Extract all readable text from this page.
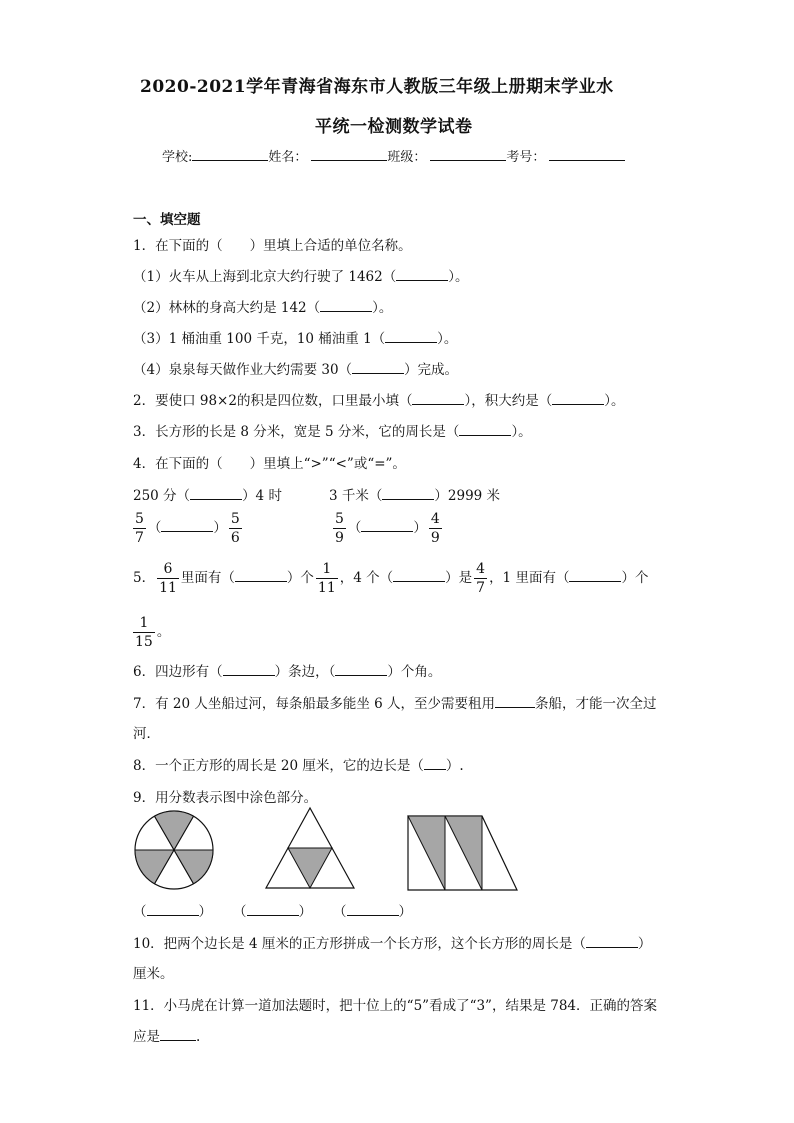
2020-2021学年青海省海东市人教版三年级上册期末学业水
平统一检测数学试卷
学校:	姓名：	班级：	考号：
一、填空题
1．在下面的（　　）里填上合适的单位名称。
（1）火车从上海到北京大约行驶了 1462（	）。
（2）林林的身高大约是 142（	）。
（3）1 桶油重 100 千克，10 桶油重 1（	）。
（4）泉泉每天做作业大约需要 30（	）完成。
2．要使口 98×2的积是四位数，口里最小填（	），积大约是（	）。
3．长方形的长是 8 分米，宽是 5 分米，它的周长是（	）。
4．在下面的（　　）里填上“>”“<”或“=”。
250 分（	）4 时	3 千米（	）2999 米
$\frac{5}{7}$ （	） $\frac{5}{6}$	$\frac{5}{9}$ （	） $\frac{4}{9}$
5． $\frac{6}{11}$ 里面有（	）个 $\frac{1}{11}$ ，4 个（	）是 $\frac{4}{7}$ ，1 里面有（	）个
$\frac{1}{15}$ 。
6．四边形有（	）条边，（	）个角。
7．有 20 人坐船过河，每条船最多能坐 6 人，至少需要租用	条船，才能一次全过
河．
8．一个正方形的周长是 20 厘米，它的边长是（ ）.
9．用分数表示图中涂色部分。
（	） （	） （	）
10．把两个边长是 4 厘米的正方形拼成一个长方形，这个长方形的周长是（	）
厘米。
11．小马虎在计算一道加法题时，把十位上的“5”看成了“3”，结果是 784．正确的答案
应是	.
